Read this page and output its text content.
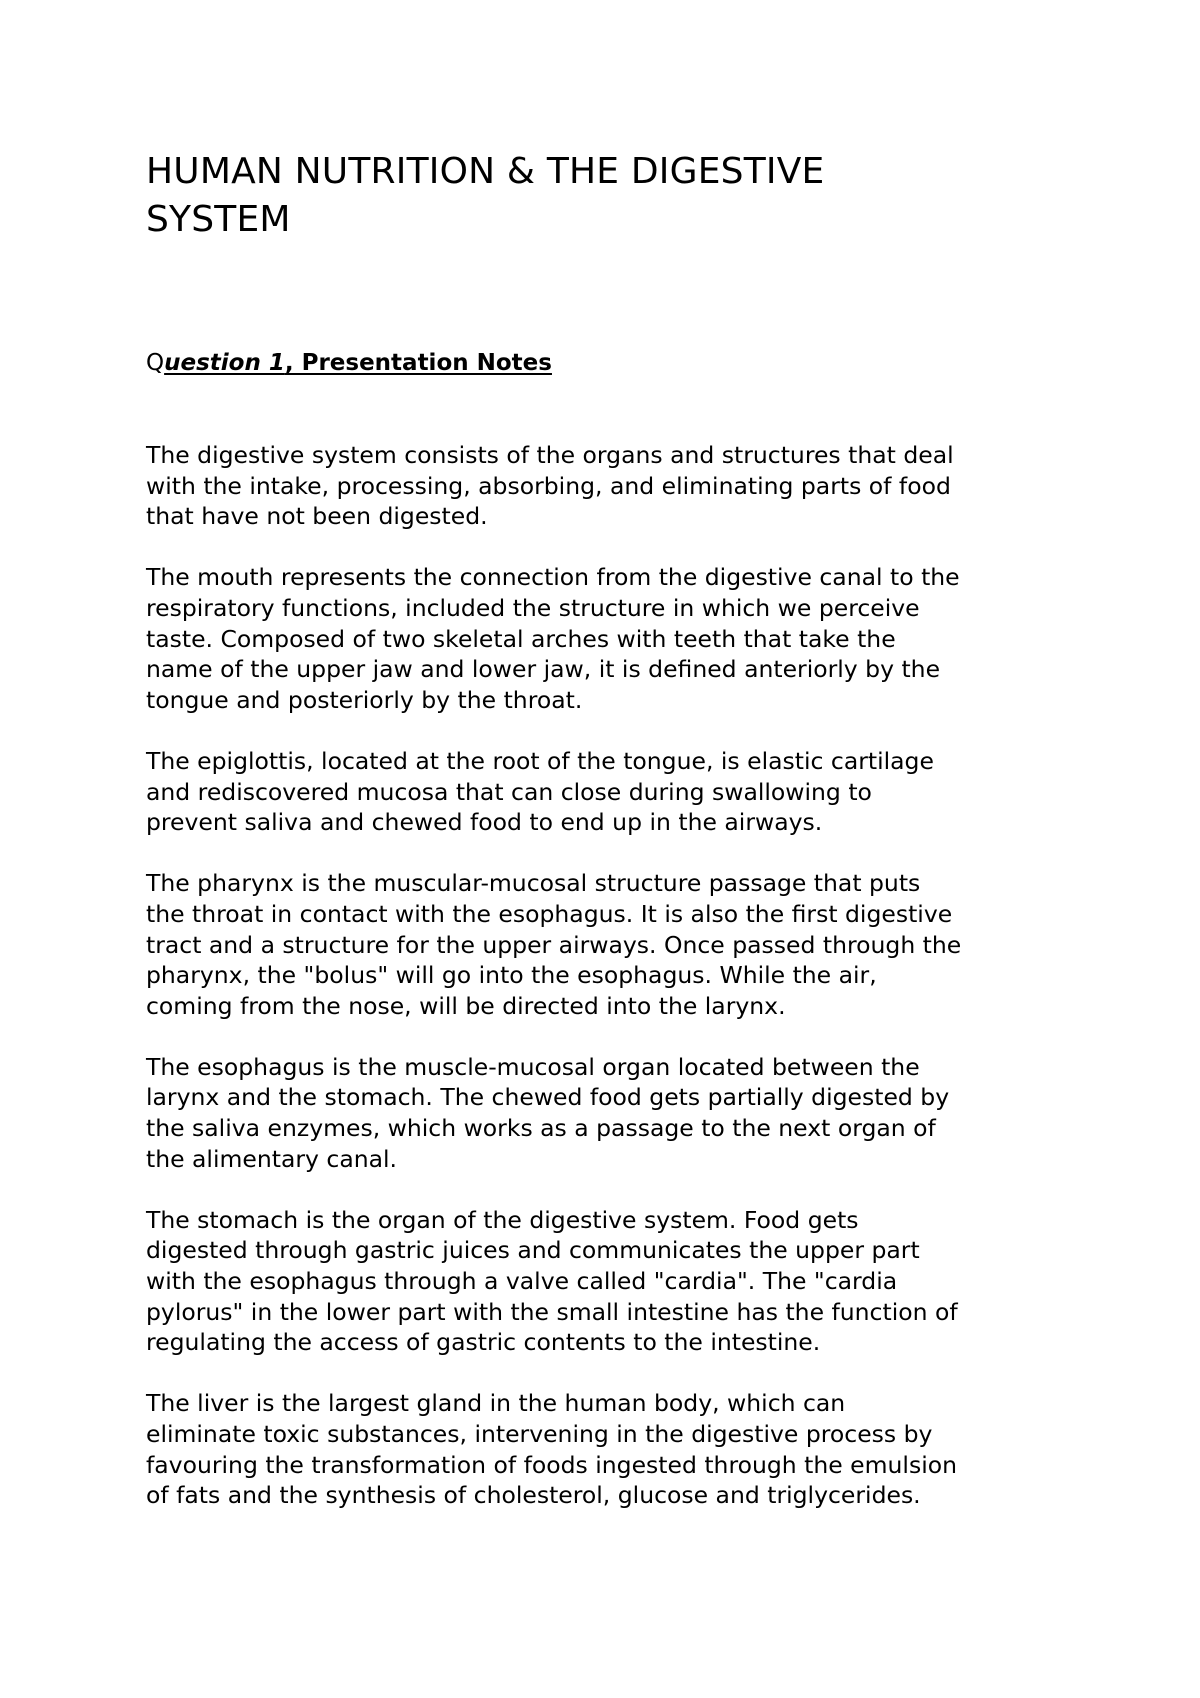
HUMAN NUTRITION & THE DIGESTIVE
SYSTEM
Question 1, Presentation Notes

The digestive system consists of the organs and structures that deal
with the intake, processing, absorbing, and eliminating parts of food
that have not been digested.

The mouth represents the connection from the digestive canal to the
respiratory functions, included the structure in which we perceive
taste. Composed of two skeletal arches with teeth that take the
name of the upper jaw and lower jaw, it is defined anteriorly by the
tongue and posteriorly by the throat.

The epiglottis, located at the root of the tongue, is elastic cartilage
and rediscovered mucosa that can close during swallowing to
prevent saliva and chewed food to end up in the airways.

The pharynx is the muscular-mucosal structure passage that puts
the throat in contact with the esophagus. It is also the first digestive
tract and a structure for the upper airways. Once passed through the
pharynx, the "bolus" will go into the esophagus. While the air,
coming from the nose, will be directed into the larynx.

The esophagus is the muscle-mucosal organ located between the
larynx and the stomach. The chewed food gets partially digested by
the saliva enzymes, which works as a passage to the next organ of
the alimentary canal.

The stomach is the organ of the digestive system. Food gets
digested through gastric juices and communicates the upper part
with the esophagus through a valve called "cardia". The "cardia
pylorus" in the lower part with the small intestine has the function of
regulating the access of gastric contents to the intestine.

The liver is the largest gland in the human body, which can
eliminate toxic substances, intervening in the digestive process by
favouring the transformation of foods ingested through the emulsion
of fats and the synthesis of cholesterol, glucose and triglycerides.
